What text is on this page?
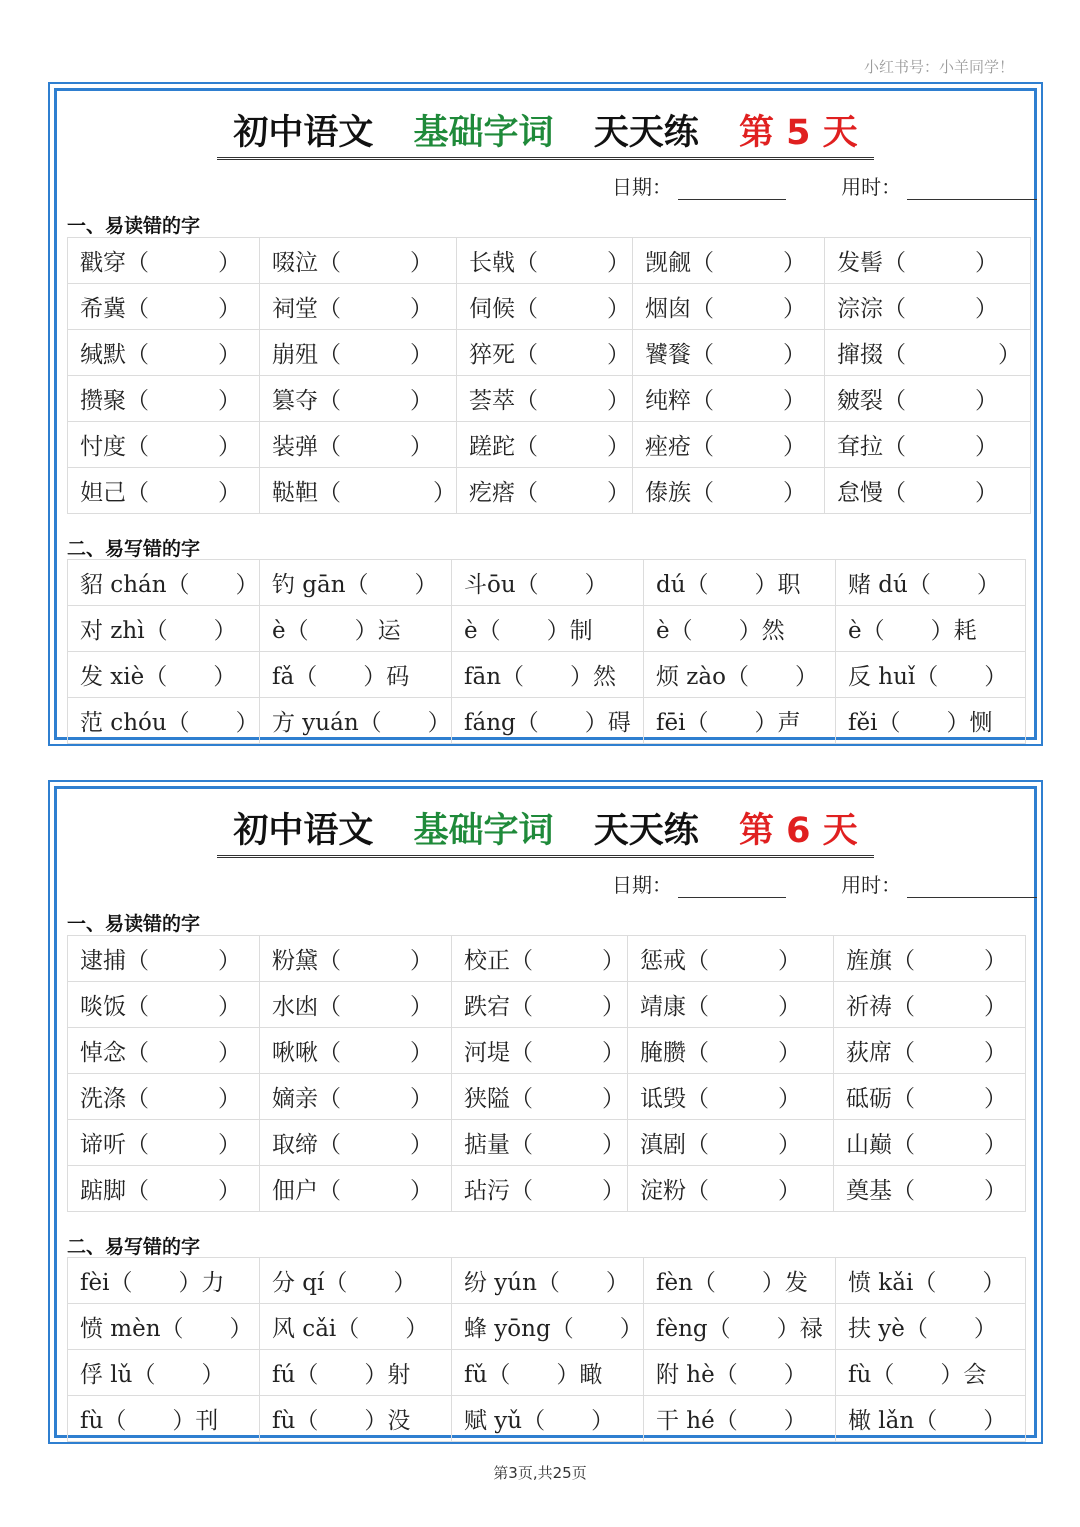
小红书号：小羊同学！
初中语文 基础字词 天天练 第 5 天
日期：	用时：
一、易读错的字
戳穿（　　　）	啜泣（　　　）	长戟（　　　）	觊觎（　　　）	发髻（　　　）
希冀（　　　）	祠堂（　　　）	伺候（　　　）	烟囱（　　　）	淙淙（　　　）
缄默（　　　）	崩殂（　　　）	猝死（　　　）	饕餮（　　　）	撺掇（　　　　）
攒聚（　　　）	篡夺（　　　）	荟萃（　　　）	纯粹（　　　）	皴裂（　　　）
忖度（　　　）	装弹（　　　）	蹉跎（　　　）	痤疮（　　　）	耷拉（　　　）
妲己（　　　）	鞑靼（　　　　）	疙瘩（　　　）	傣族（　　　）	怠慢（　　　）
二、易写错的字
貂 chán（　　）	钓 gān（　　）	斗ōu（　　）	dú（　　）职	赌 dú（　　）
对 zhì（　　）	è（　　）运	è（　　）制	è（　　）然	è（　　）耗
发 xiè（　　）	fǎ（　　）码	fān（　　）然	烦 zào（　　）	反 huǐ（　　）
范 chóu（　　）	方 yuán（　　）	fáng（　　）碍	fēi（　　）声	fěi（　　）恻
初中语文 基础字词 天天练 第 6 天
日期：	用时：
一、易读错的字
逮捕（　　　）	粉黛（　　　）	校正（　　　）	惩戒（　　　）	旌旗（　　　）
啖饭（　　　）	水凼（　　　）	跌宕（　　　）	靖康（　　　）	祈祷（　　　）
悼念（　　　）	啾啾（　　　）	河堤（　　　）	腌臜（　　　）	荻席（　　　）
洗涤（　　　）	嫡亲（　　　）	狭隘（　　　）	诋毁（　　　）	砥砺（　　　）
谛听（　　　）	取缔（　　　）	掂量（　　　）	滇剧（　　　）	山巅（　　　）
踮脚（　　　）	佃户（　　　）	玷污（　　　）	淀粉（　　　）	奠基（　　　）
二、易写错的字
fèi（　　）力	分 qí（　　）	纷 yún（　　）	fèn（　　）发	愤 kǎi（　　）
愤 mèn（　　）	风 cǎi（　　）	蜂 yōng（　　）	fèng（　　）禄	扶 yè（　　）
俘 lǔ（　　）	fú（　　）射	fǔ（　　）瞰	附 hè（　　）	fù（　　）会
fù（　　）刊	fù（　　）没	赋 yǔ（　　）	干 hé（　　）	橄 lǎn（　　）
第3页,共25页
